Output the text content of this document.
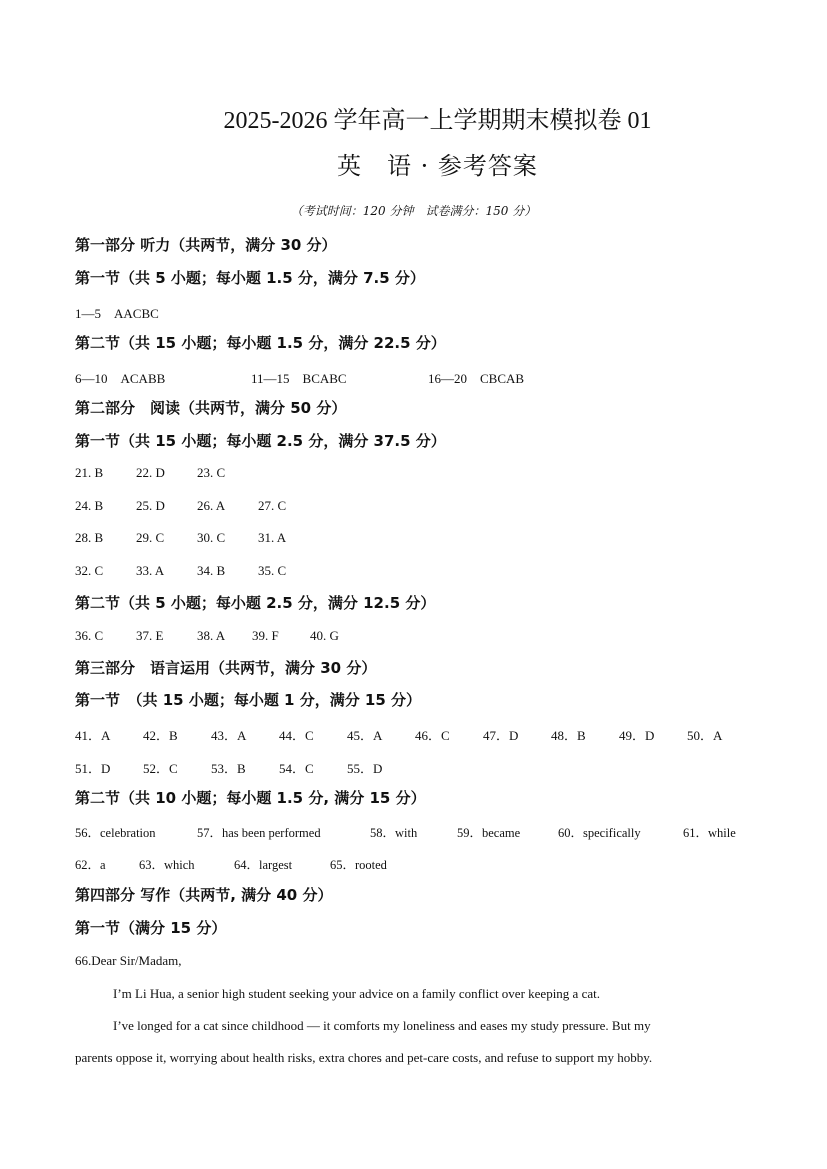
2025-2026 学年高一上学期期末模拟卷 01
英　语 · 参考答案
（考试时间：120 分钟　试卷满分：150 分）
第一部分 听力（共两节，满分 30 分）
第一节（共 5 小题；每小题 1.5 分，满分 7.5 分）
1—5　AACBC
第二节（共 15 小题；每小题 1.5 分，满分 22.5 分）
6—10　ACABB	11—15　BCABC	16—20　CBCAB
第二部分　阅读（共两节，满分 50 分）
第一节（共 15 小题；每小题 2.5 分，满分 37.5 分）
21. B	22. D 23. C
24. B	25. D 26. A	27. C
28. B	29. C	30. C	31. A
32. C	33. A	34. B	35. C
第二节（共 5 小题；每小题 2.5 分，满分 12.5 分）
36. C	37. E	38. A 39. F 40. G
第三部分　语言运用（共两节，满分 30 分）
第一节　（共 15 小题；每小题 1 分，满分 15 分）
41．A	42．B	43．A	44．C	45．A	46．C	47．D	48．B	49．D	50．A
51．D	52．C	53．B	54．C	55．D
第二节（共 10 小题；每小题 1.5 分, 满分 15 分）
56．celebration	57．has been performed	58．with	59．became	60．specifically	61．while
62．a	63．which	64．largest	65．rooted
第四部分 写作（共两节, 满分 40 分）
第一节（满分 15 分）
66.Dear Sir/Madam,
I’m Li Hua, a senior high student seeking your advice on a family conflict over keeping a cat.
I’ve longed for a cat since childhood — it comforts my loneliness and eases my study pressure. But my
parents oppose it, worrying about health risks, extra chores and pet-care costs, and refuse to support my hobby.
